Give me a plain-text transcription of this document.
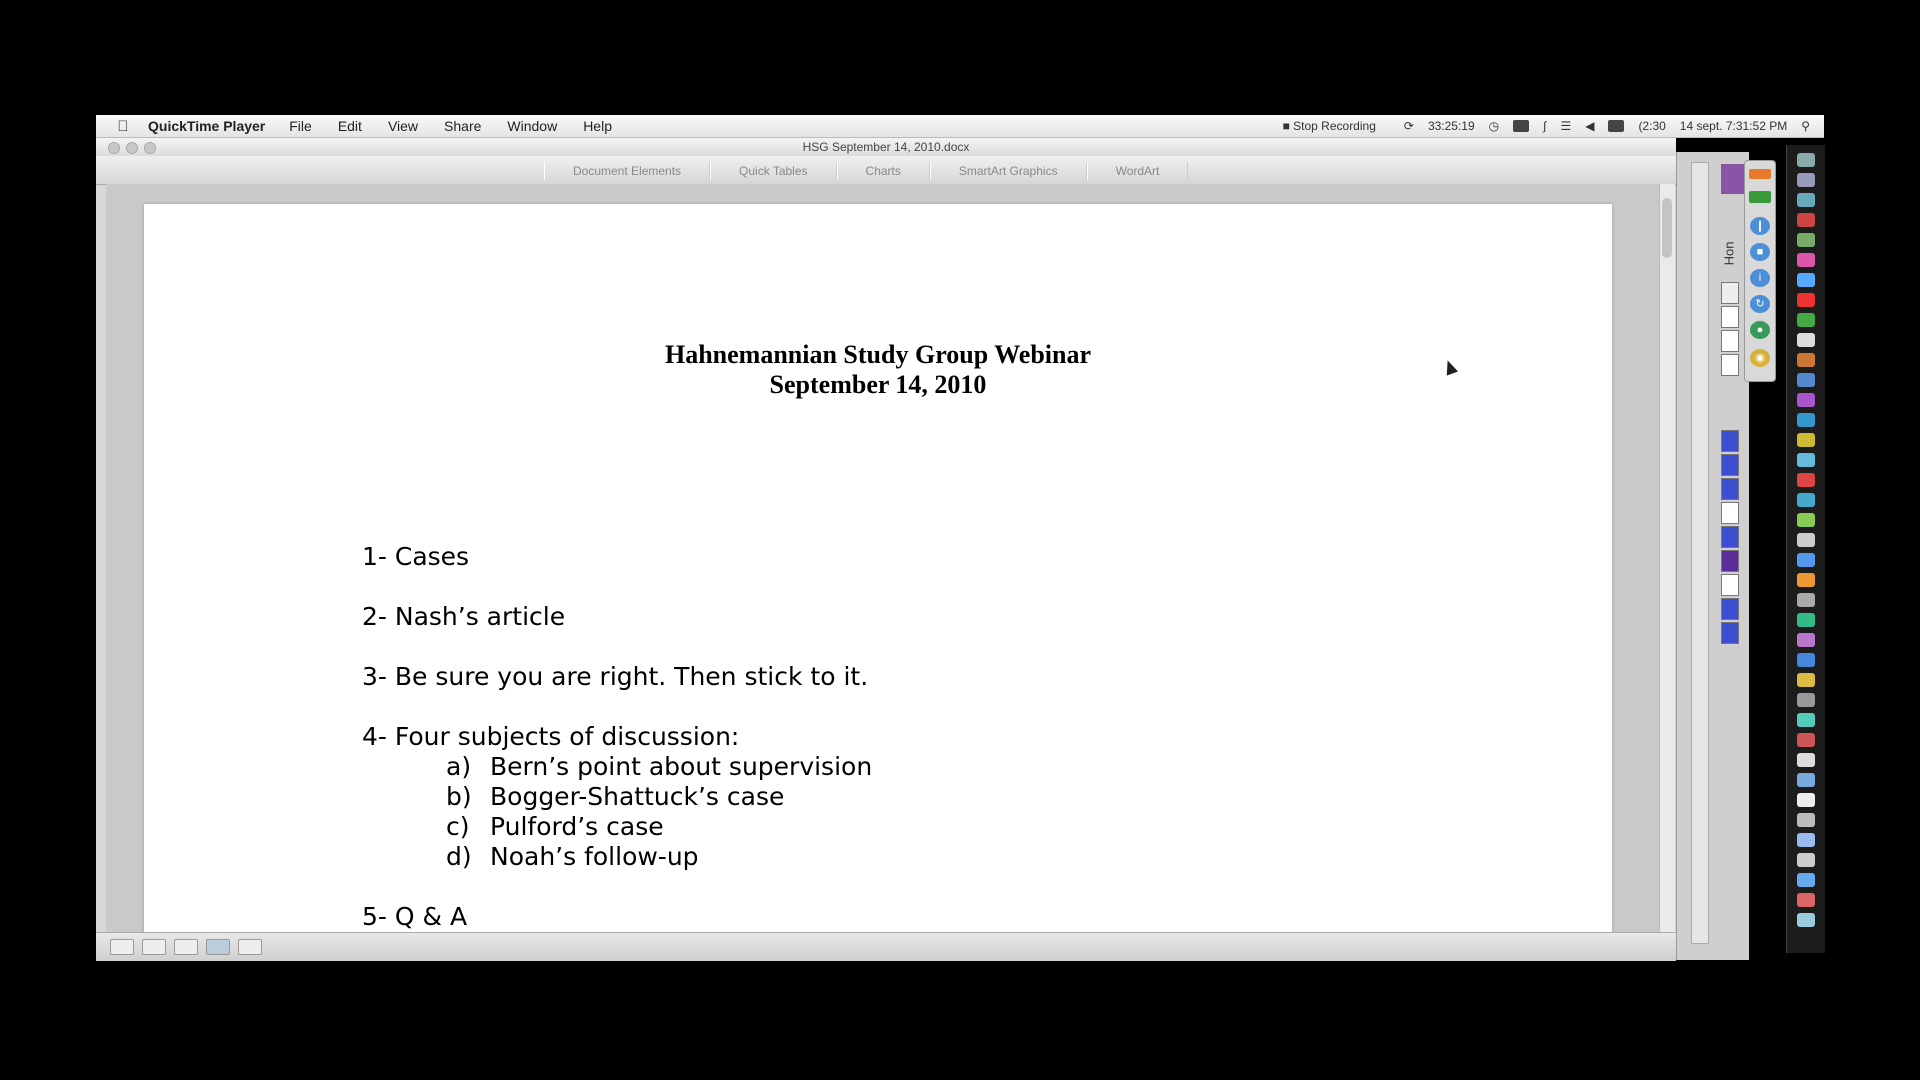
QuickTime Player File Edit View Share Window Help	■ Stop Recording	⟳ 33:25:19 ◷	∫ ☰ ◀	(2:30 14 sept. 7:31:52 PM ⚲
HSG September 14, 2010.docx
Document Elements	Quick Tables	Charts	SmartArt Graphics	WordArt
Hahnemannian Study Group Webinar
September 14, 2010
1- Cases
2- Nash’s article
3- Be sure you are right. Then stick to it.
4- Four subjects of discussion:
a) Bern’s point about supervision
b) Bogger-Shattuck’s case
c) Pulford’s case
d) Noah’s follow-up
5- Q & A
Hon
❙
■
i
↻
●
◉
